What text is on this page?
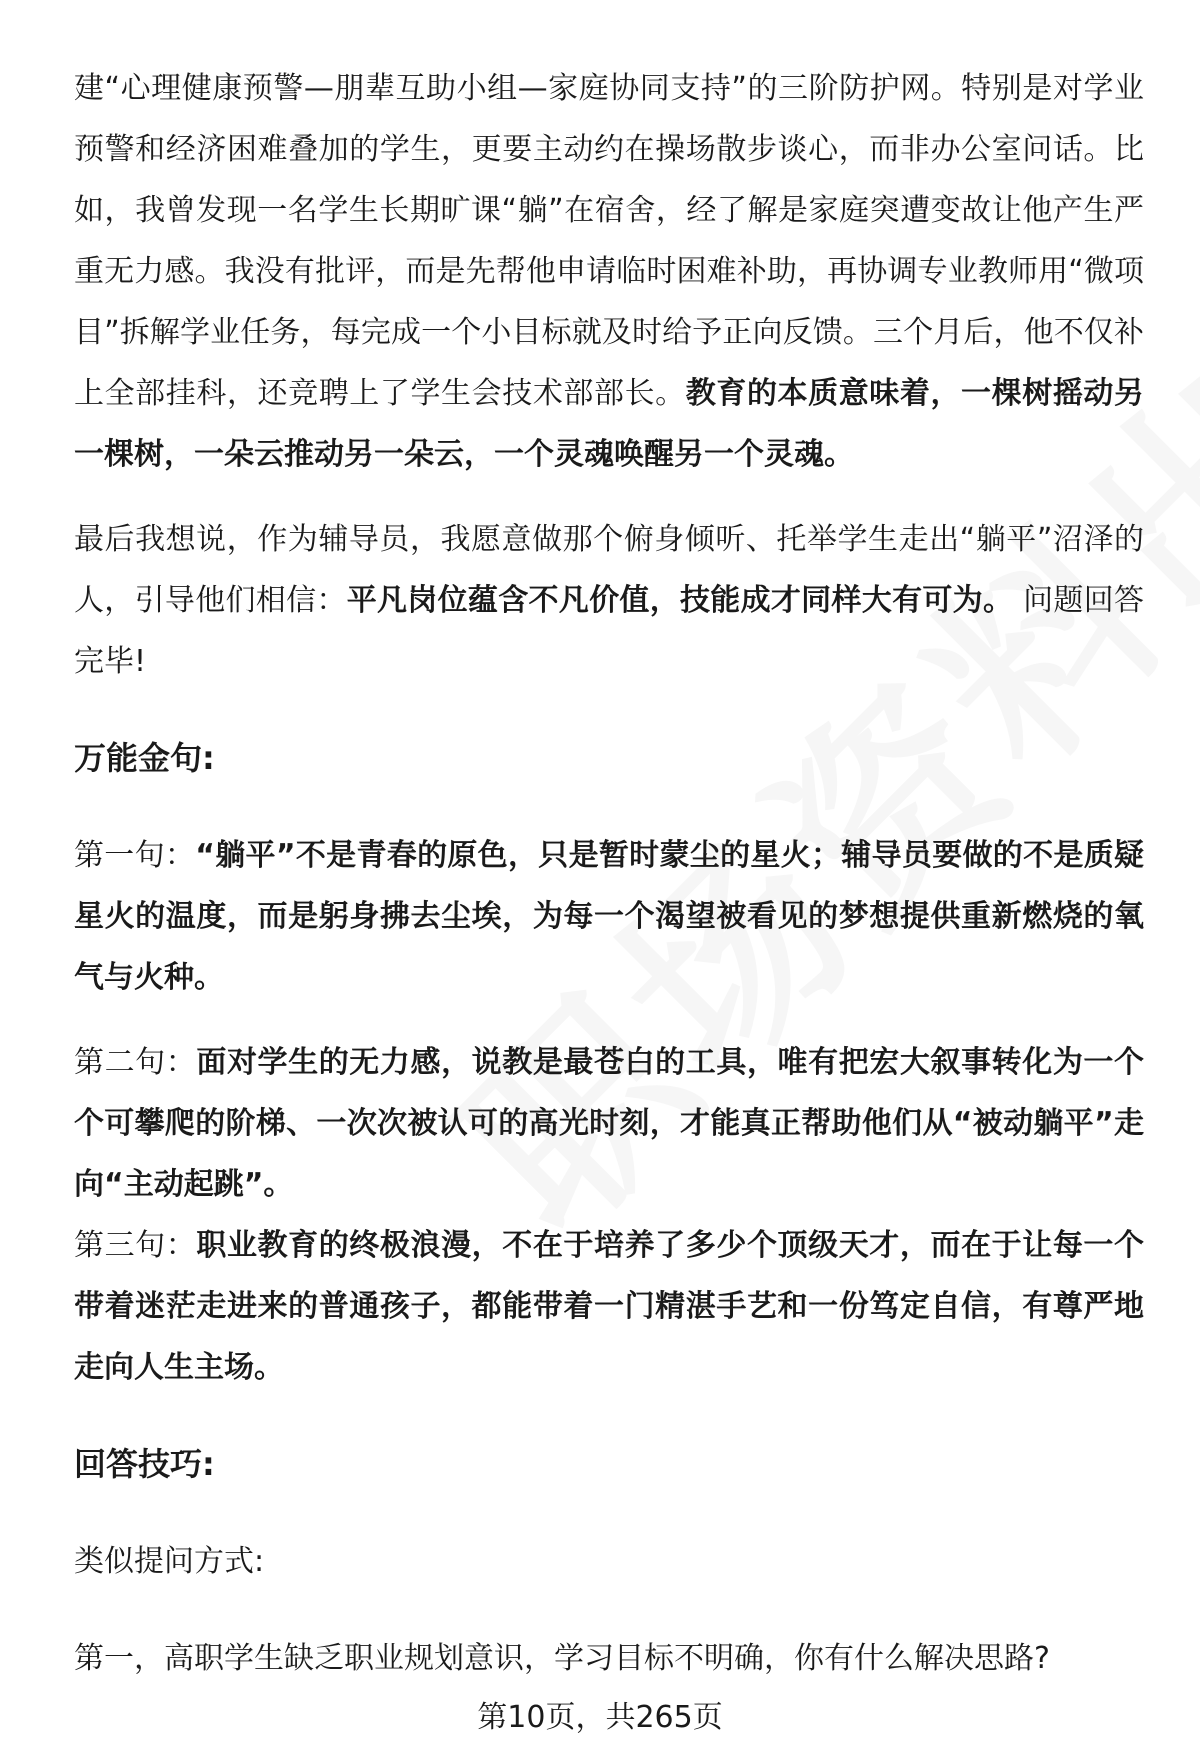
建“心理健康预警—朋辈互助小组—家庭协同支持”的三阶防护网。特别是对学业预警和经济困难叠加的学生，更要主动约在操场散步谈心，而非办公室问话。比如，我曾发现一名学生长期旷课“躺”在宿舍，经了解是家庭突遭变故让他产生严重无力感。我没有批评，而是先帮他申请临时困难补助，再协调专业教师用“微项目”拆解学业任务，每完成一个小目标就及时给予正向反馈。三个月后，他不仅补上全部挂科，还竞聘上了学生会技术部部长。教育的本质意味着，一棵树摇动另一棵树，一朵云推动另一朵云，一个灵魂唤醒另一个灵魂。

最后我想说，作为辅导员，我愿意做那个俯身倾听、托举学生走出“躺平”沼泽的人，引导他们相信：平凡岗位蕴含不凡价值，技能成才同样大有可为。 问题回答完毕!

万能金句:

第一句：“躺平”不是青春的原色，只是暂时蒙尘的星火；辅导员要做的不是质疑星火的温度，而是躬身拂去尘埃，为每一个渴望被看见的梦想提供重新燃烧的氧气与火种。

第二句：面对学生的无力感，说教是最苍白的工具，唯有把宏大叙事转化为一个个可攀爬的阶梯、一次次被认可的高光时刻，才能真正帮助他们从“被动躺平”走向“主动起跳”。

第三句：职业教育的终极浪漫，不在于培养了多少个顶级天才，而在于让每一个带着迷茫走进来的普通孩子，都能带着一门精湛手艺和一份笃定自信，有尊严地走向人生主场。

回答技巧:

类似提问方式:

第一，高职学生缺乏职业规划意识，学习目标不明确，你有什么解决思路?

第10页，共265页
